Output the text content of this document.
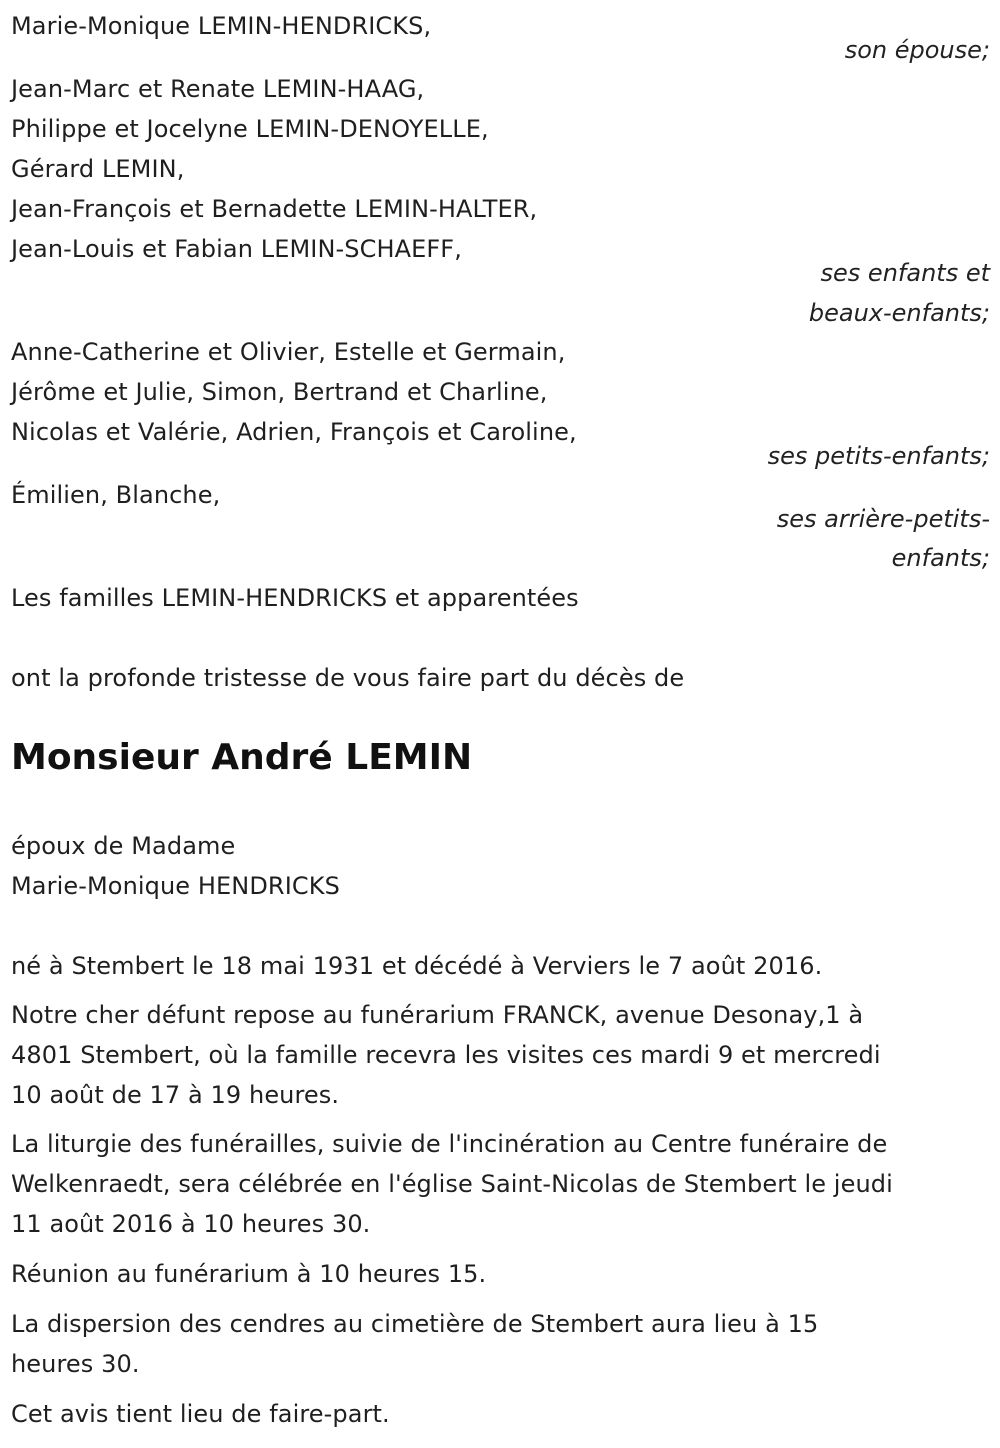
Marie-Monique LEMIN-HENDRICKS,
son épouse;
Jean-Marc et Renate LEMIN-HAAG,
Philippe et Jocelyne LEMIN-DENOYELLE,
Gérard LEMIN,
Jean-François et Bernadette LEMIN-HALTER,
Jean-Louis et Fabian LEMIN-SCHAEFF,
ses enfants et
beaux-enfants;
Anne-Catherine et Olivier, Estelle et Germain,
Jérôme et Julie, Simon, Bertrand et Charline,
Nicolas et Valérie, Adrien, François et Caroline,
ses petits-enfants;
Émilien, Blanche,
ses arrière-petits-
enfants;
Les familles LEMIN-HENDRICKS et apparentées
ont la profonde tristesse de vous faire part du décès de
Monsieur André LEMIN
époux de Madame
Marie-Monique HENDRICKS
né à Stembert le 18 mai 1931 et décédé à Verviers le 7 août 2016.
Notre cher défunt repose au funérarium FRANCK, avenue Desonay,1 à
4801 Stembert, où la famille recevra les visites ces mardi 9 et mercredi
10 août de 17 à 19 heures.
La liturgie des funérailles, suivie de l'incinération au Centre funéraire de
Welkenraedt, sera célébrée en l'église Saint-Nicolas de Stembert le jeudi
11 août 2016 à 10 heures 30.
Réunion au funérarium à 10 heures 15.
La dispersion des cendres au cimetière de Stembert aura lieu à 15
heures 30.
Cet avis tient lieu de faire-part.
